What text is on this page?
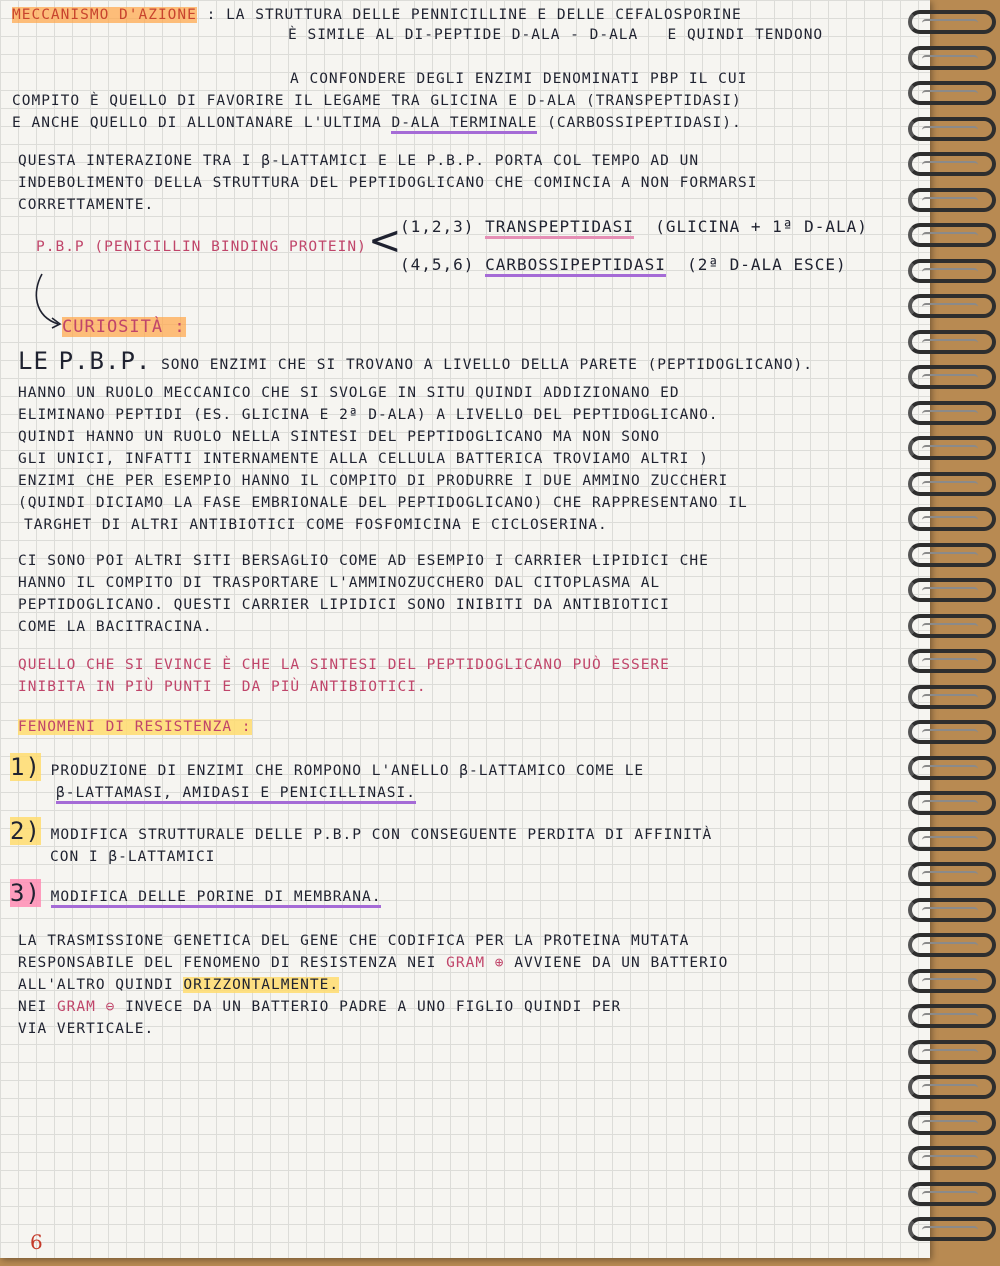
MECCANISMO D'AZIONE : LA STRUTTURA DELLE PENNICILLINE E DELLE CEFALOSPORINE

È SIMILE AL DI-PEPTIDE D-ALA - D-ALA E QUINDI TENDONO

A CONFONDERE DEGLI ENZIMI DENOMINATI PBP IL CUI

COMPITO È QUELLO DI FAVORIRE IL LEGAME TRA GLICINA E D-ALA (TRANSPEPTIDASI)

E ANCHE QUELLO DI ALLONTANARE L'ULTIMA D-ALA TERMINALE (CARBOSSIPEPTIDASI).

QUESTA INTERAZIONE TRA I β-LATTAMICI E LE P.B.P. PORTA COL TEMPO AD UN

INDEBOLIMENTO DELLA STRUTTURA DEL PEPTIDOGLICANO CHE COMINCIA A NON FORMARSI

CORRETTAMENTE.

P.B.P (PENICILLIN BINDING PROTEIN) <

(1,2,3) TRANSPEPTIDASI (GLICINA + 1ª D-ALA)

(4,5,6) CARBOSSIPEPTIDASI (2ª D-ALA ESCE)

CURIOSITÀ :

LE P.B.P. SONO ENZIMI CHE SI TROVANO A LIVELLO DELLA PARETE (PEPTIDOGLICANO).

HANNO UN RUOLO MECCANICO CHE SI SVOLGE IN SITU QUINDI ADDIZIONANO ED

ELIMINANO PEPTIDI (ES. GLICINA E 2ª D-ALA) A LIVELLO DEL PEPTIDOGLICANO.

QUINDI HANNO UN RUOLO NELLA SINTESI DEL PEPTIDOGLICANO MA NON SONO

GLI UNICI, INFATTI INTERNAMENTE ALLA CELLULA BATTERICA TROVIAMO ALTRI )

ENZIMI CHE PER ESEMPIO HANNO IL COMPITO DI PRODURRE I DUE AMMINO ZUCCHERI

(QUINDI DICIAMO LA FASE EMBRIONALE DEL PEPTIDOGLICANO) CHE RAPPRESENTANO IL

TARGHET DI ALTRI ANTIBIOTICI COME FOSFOMICINA E CICLOSERINA.

CI SONO POI ALTRI SITI BERSAGLIO COME AD ESEMPIO I CARRIER LIPIDICI CHE

HANNO IL COMPITO DI TRASPORTARE L'AMMINOZUCCHERO DAL CITOPLASMA AL

PEPTIDOGLICANO. QUESTI CARRIER LIPIDICI SONO INIBITI DA ANTIBIOTICI

COME LA BACITRACINA.

QUELLO CHE SI EVINCE È CHE LA SINTESI DEL PEPTIDOGLICANO PUÒ ESSERE

INIBITA IN PIÙ PUNTI E DA PIÙ ANTIBIOTICI.

FENOMENI DI RESISTENZA :

1) PRODUZIONE DI ENZIMI CHE ROMPONO L'ANELLO β-LATTAMICO COME LE

β-LATTAMASI, AMIDASI E PENICILLINASI.

2) MODIFICA STRUTTURALE DELLE P.B.P CON CONSEGUENTE PERDITA DI AFFINITÀ

CON I β-LATTAMICI

3) MODIFICA DELLE PORINE DI MEMBRANA.

LA TRASMISSIONE GENETICA DEL GENE CHE CODIFICA PER LA PROTEINA MUTATA

RESPONSABILE DEL FENOMENO DI RESISTENZA NEI GRAM ⊕ AVVIENE DA UN BATTERIO

ALL'ALTRO QUINDI ORIZZONTALMENTE.

NEI GRAM ⊖ INVECE DA UN BATTERIO PADRE A UNO FIGLIO QUINDI PER

VIA VERTICALE.

6
